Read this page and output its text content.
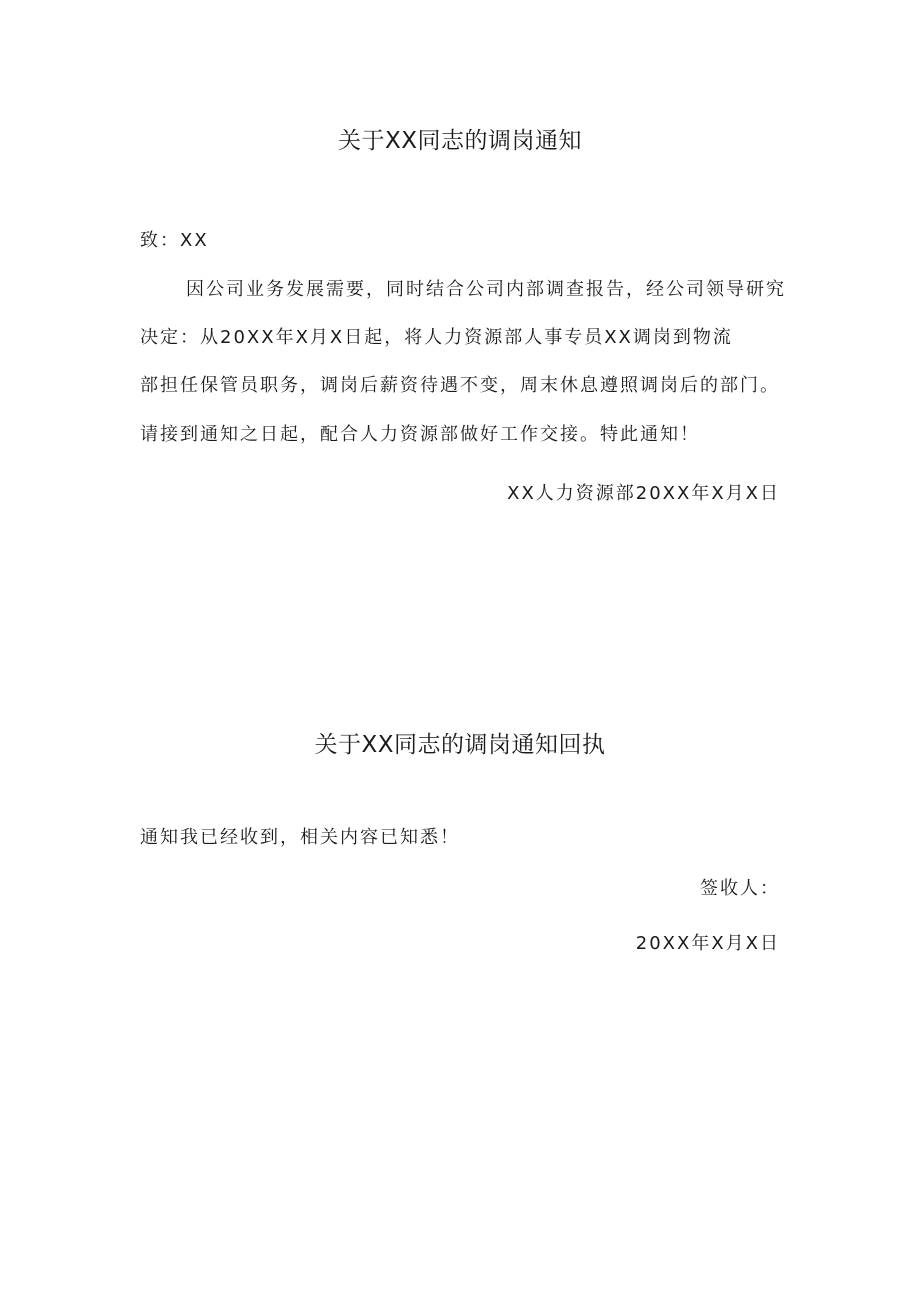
关于XX同志的调岗通知
致：XX
因公司业务发展需要，同时结合公司内部调查报告，经公司领导研究
决定：从20XX年X月X日起，将人力资源部人事专员XX调岗到物流
部担任保管员职务，调岗后薪资待遇不变，周末休息遵照调岗后的部门。
请接到通知之日起，配合人力资源部做好工作交接。特此通知！
XX人力资源部20XX年X月X日
关于XX同志的调岗通知回执
通知我已经收到，相关内容已知悉！
签收人：
20XX年X月X日
